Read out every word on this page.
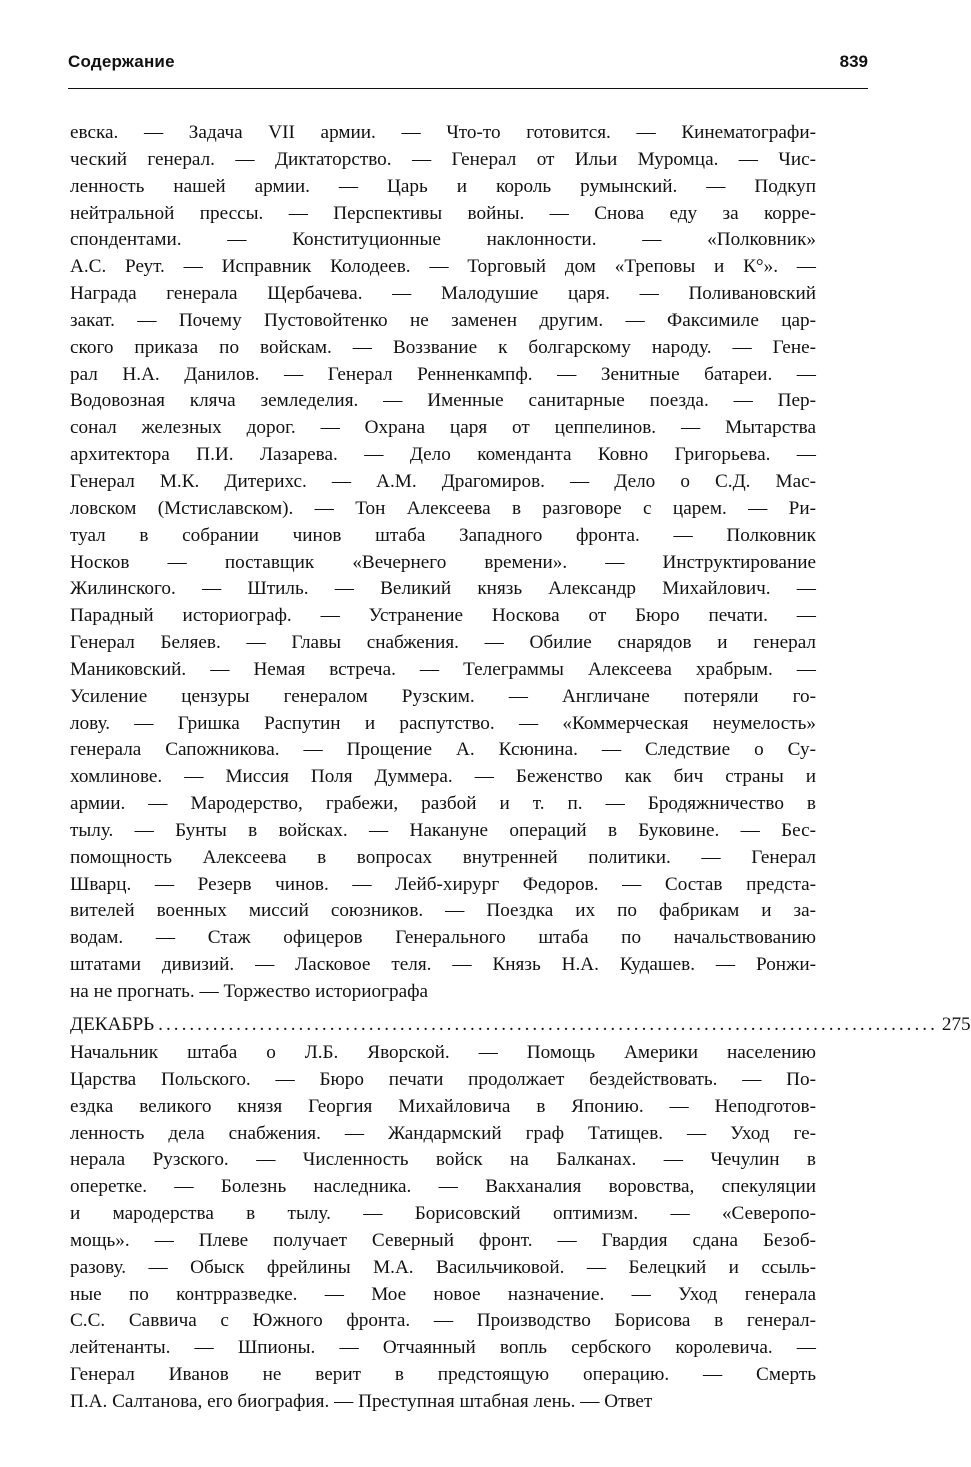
Содержание	839
евска. — Задача VII армии. — Что-то готовится. — Кинематографи-
ческий генерал. — Диктаторство. — Генерал от Ильи Муромца. — Чис-
ленность нашей армии. — Царь и король румынский. — Подкуп
нейтральной прессы. — Перспективы войны. — Снова еду за корре-
спондентами. — Конституционные наклонности. — «Полковник»
А.С. Реут. — Исправник Колодеев. — Торговый дом «Треповы и К°». —
Награда генерала Щербачева. — Малодушие царя. — Поливановский
закат. — Почему Пустовойтенко не заменен другим. — Факсимиле цар-
ского приказа по войскам. — Воззвание к болгарскому народу. — Гене-
рал Н.А. Данилов. — Генерал Ренненкампф. — Зенитные батареи. —
Водовозная кляча земледелия. — Именные санитарные поезда. — Пер-
сонал железных дорог. — Охрана царя от цеппелинов. — Мытарства
архитектора П.И. Лазарева. — Дело коменданта Ковно Григорьева. —
Генерал М.К. Дитерихс. — А.М. Драгомиров. — Дело о С.Д. Мас-
ловском (Мстиславском). — Тон Алексеева в разговоре с царем. — Ри-
туал в собрании чинов штаба Западного фронта. — Полковник
Носков — поставщик «Вечернего времени». — Инструктирование
Жилинского. — Штиль. — Великий князь Александр Михайлович. —
Парадный историограф. — Устранение Носкова от Бюро печати. —
Генерал Беляев. — Главы снабжения. — Обилие снарядов и генерал
Маниковский. — Немая встреча. — Телеграммы Алексеева храбрым. —
Усиление цензуры генералом Рузским. — Англичане потеряли го-
лову. — Гришка Распутин и распутство. — «Коммерческая неумелость»
генерала Сапожникова. — Прощение А. Ксюнина. — Следствие о Су-
хомлинове. — Миссия Поля Думмера. — Беженство как бич страны и
армии. — Мародерство, грабежи, разбой и т. п. — Бродяжничество в
тылу. — Бунты в войсках. — Накануне операций в Буковине. — Бес-
помощность Алексеева в вопросах внутренней политики. — Генерал
Шварц. — Резерв чинов. — Лейб-хирург Федоров. — Состав предста-
вителей военных миссий союзников. — Поездка их по фабрикам и за-
водам. — Стаж офицеров Генерального штаба по начальствованию
штатами дивизий. — Ласковое теля. — Князь Н.А. Кудашев. — Ронжи-
на не прогнать. — Торжество историографа
ДЕКАБРЬ .................................................................................................... 275
Начальник штаба о Л.Б. Яворской. — Помощь Америки населению
Царства Польского. — Бюро печати продолжает бездействовать. — По-
ездка великого князя Георгия Михайловича в Японию. — Неподготов-
ленность дела снабжения. — Жандармский граф Татищев. — Уход ге-
нерала Рузского. — Численность войск на Балканах. — Чечулин в
оперетке. — Болезнь наследника. — Вакханалия воровства, спекуляции
и мародерства в тылу. — Борисовский оптимизм. — «Северопо-
мощь». — Плеве получает Северный фронт. — Гвардия сдана Безоб-
разову. — Обыск фрейлины М.А. Васильчиковой. — Белецкий и ссыль-
ные по контрразведке. — Мое новое назначение. — Уход генерала
С.С. Саввича с Южного фронта. — Производство Борисова в генерал-
лейтенанты. — Шпионы. — Отчаянный вопль сербского королевича. —
Генерал Иванов не верит в предстоящую операцию. — Смерть
П.А. Салтанова, его биография. — Преступная штабная лень. — Ответ
